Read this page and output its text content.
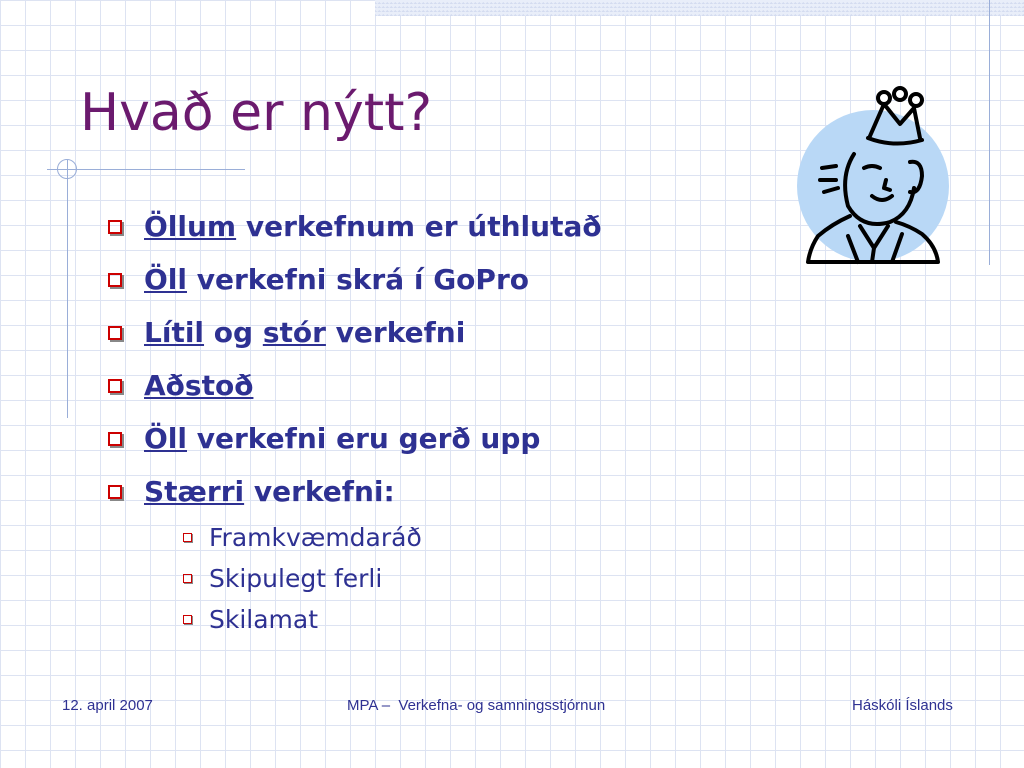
Hvað er nýtt?
Öllum verkefnum er úthlutað
Öll verkefni skrá í GoPro
Lítil og stór verkefni
Aðstoð
Öll verkefni eru gerð upp
Stærri verkefni:
Framkvæmdaráð
Skipulegt ferli
Skilamat
12. april 2007	MPA –  Verkefna- og samningsstjórnun	Háskóli Íslands
